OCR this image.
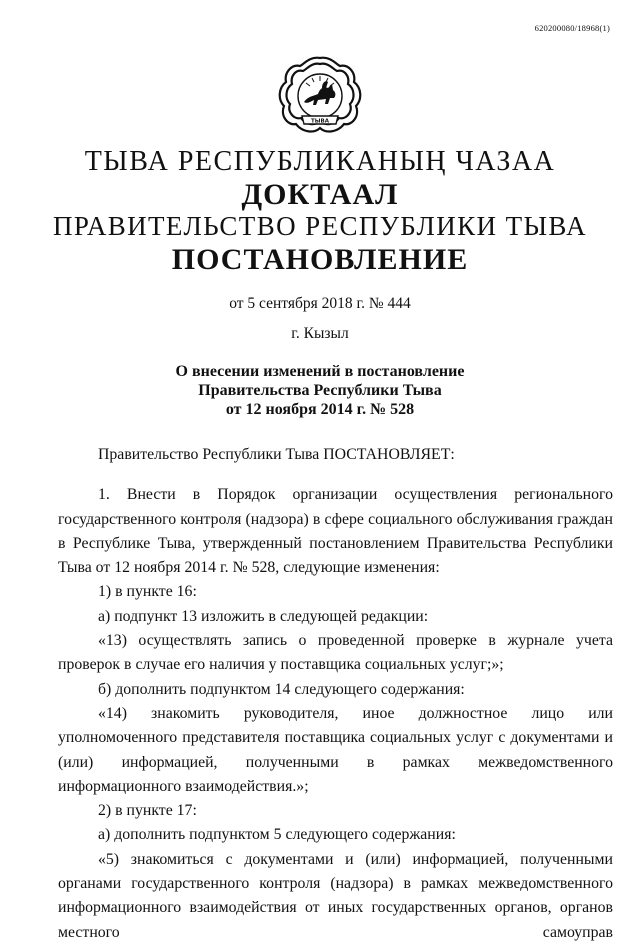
620200080/18968(1)
ТЫВА
ТЫВА РЕСПУБЛИКАНЫҢ ЧАЗАА
ДОКТААЛ
ПРАВИТЕЛЬСТВО РЕСПУБЛИКИ ТЫВА
ПОСТАНОВЛЕНИЕ
от 5 сентября 2018 г. № 444
г. Кызыл
О внесении изменений в постановление
Правительства Республики Тыва
от 12 ноября 2014 г. № 528

Правительство Республики Тыва ПОСТАНОВЛЯЕТ:

1. Внести в Порядок организации осуществления регионального государственного контроля (надзора) в сфере социального обслуживания граждан в Республике Тыва, утвержденный постановлением Правительства Республики Тыва от 12 ноября 2014 г. № 528, следующие изменения:

1) в пункте 16:

а) подпункт 13 изложить в следующей редакции:

«13) осуществлять запись о проведенной проверке в журнале учета проверок в случае его наличия у поставщика социальных услуг;»;

б) дополнить подпунктом 14 следующего содержания:

«14) знакомить руководителя, иное должностное лицо или уполномоченного представителя поставщика социальных услуг с документами и (или) информацией, полученными в рамках межведомственного информационного взаимодействия.»;

2) в пункте 17:

а) дополнить подпунктом 5 следующего содержания:

«5) знакомиться с документами и (или) информацией, полученными органами государственного контроля (надзора) в рамках межведомственного информационного взаимодействия от иных государственных органов, органов местного самоуправ
